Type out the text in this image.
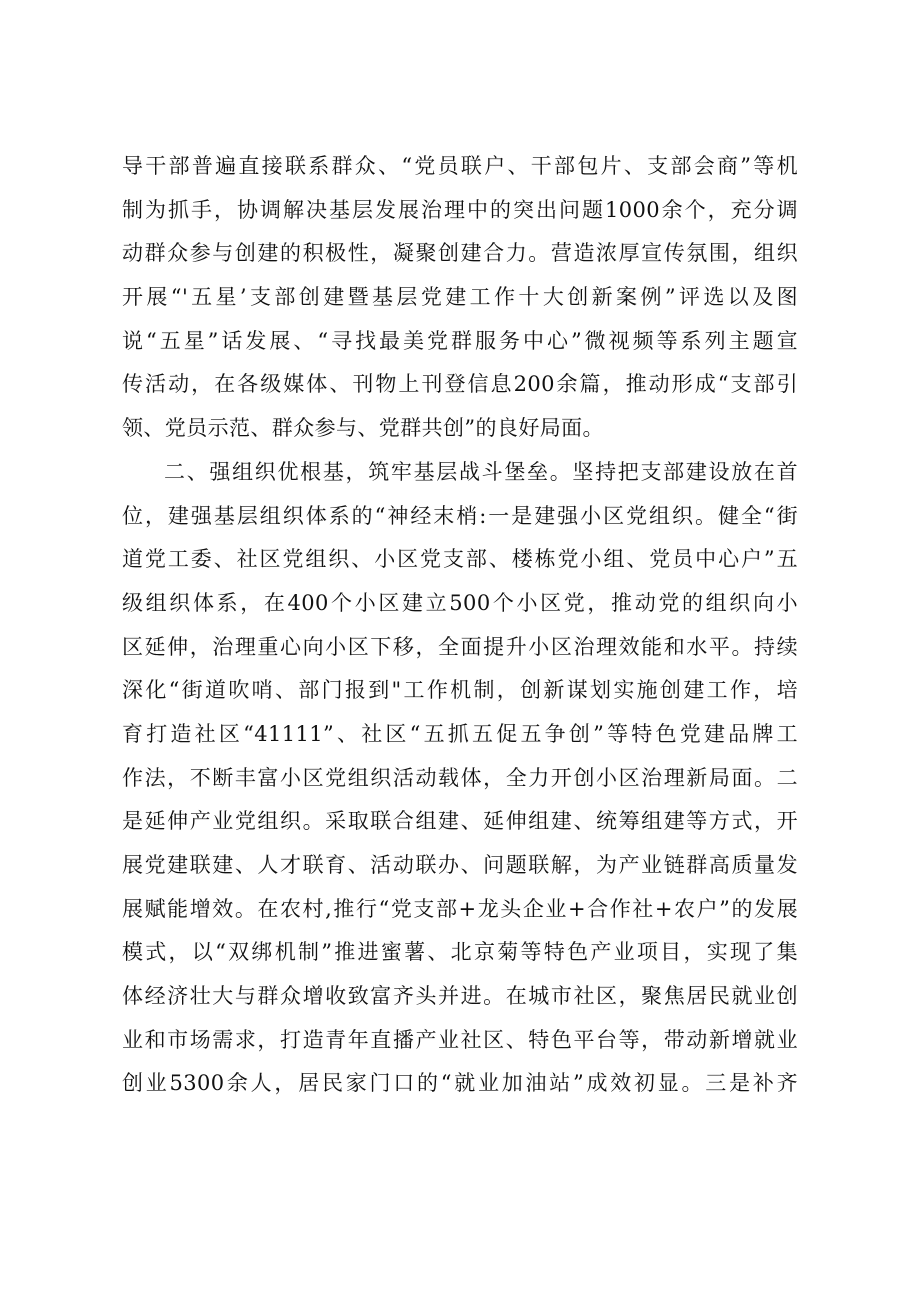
导干部普遍直接联系群众、“党员联户、干部包片、支部会商”等机
制为抓手，协调解决基层发展治理中的突出问题1000余个，充分调
动群众参与创建的积极性，凝聚创建合力。营造浓厚宣传氛围，组织
开展“'五星’支部创建暨基层党建工作十大创新案例”评选以及图
说“五星”话发展、“寻找最美党群服务中心”微视频等系列主题宣
传活动，在各级媒体、刊物上刊登信息200余篇，推动形成“支部引
领、党员示范、群众参与、党群共创”的良好局面。
二、强组织优根基，筑牢基层战斗堡垒。坚持把支部建设放在首
位，建强基层组织体系的“神经末梢:一是建强小区党组织。健全“街
道党工委、社区党组织、小区党支部、楼栋党小组、党员中心户”五
级组织体系，在400个小区建立500个小区党，推动党的组织向小
区延伸，治理重心向小区下移，全面提升小区治理效能和水平。持续
深化“街道吹哨、部门报到"工作机制，创新谋划实施创建工作，培
育打造社区“41111”、社区“五抓五促五争创”等特色党建品牌工
作法，不断丰富小区党组织活动载体，全力开创小区治理新局面。二
是延伸产业党组织。采取联合组建、延伸组建、统筹组建等方式，开
展党建联建、人才联育、活动联办、问题联解，为产业链群高质量发
展赋能增效。在农村,推行“党支部+龙头企业+合作社+农户”的发展
模式，以“双绑机制”推进蜜薯、北京菊等特色产业项目，实现了集
体经济壮大与群众增收致富齐头并进。在城市社区，聚焦居民就业创
业和市场需求，打造青年直播产业社区、特色平台等，带动新增就业
创业5300余人，居民家门口的“就业加油站”成效初显。三是补齐
